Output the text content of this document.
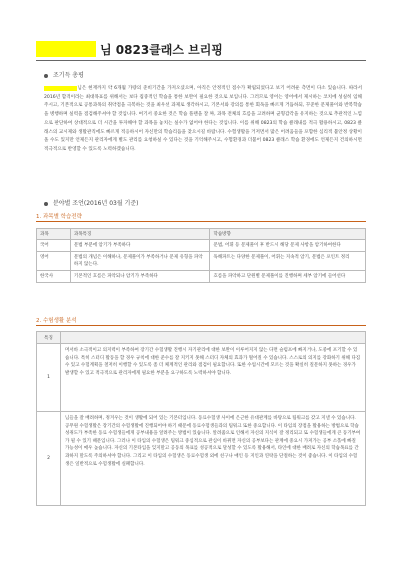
님 0823클래스 브리핑
조기득 총평
■■■■■■■님은 현재까지 약 6개월 가량의 준비기간을 가져오셨으며, 아직은 안정적인 점수가 확립되었다고 보기 어려운 측면이 다소 있습니다. 따라서 2016년 합격이라는 최대목표를 위해서는 보다 집중적인 학습을 통한 보완이 필요한 것으로 보입니다. 그러므로 영어는 영어에서 제시하는 코치에 성실히 임해주시고, 기본적으로 공통과목의 취약점을 극복하는 것을 최우선 과제로 생각하시고, 기본서와 강의를 통한 회독을 빠르게 거듭하되, 꾸준한 문제풀이와 반복학습을 병행하며 실력을 점검해주셔야 할 것입니다. 여기서 중요한 것은 학습 플랜을 잘 짜, 과목 전체의 흐름을 고려하며 균형감각을 유지하는 것으로 추관적인 느낌으로 판단하여 상대적으로 더 시간을 투자해야 할 과목을 놓치는 실수가 없어야 한다는 것입니다. 이를 위해 0823의 학습 클래내를 적극 활용하시고, 0823 클래스의 교시제와 생활관직에도 빠르게 적응하시어 자신만의 학습리듬을 찾으시길 바랍니다. 수험생활을 거저면서 많은 어려움들을 포함한 심리적 불안정 상황이 올 수도 있지만 언제든지 관리자에게 별도 관리를 요청하실 수 있다는 것을 기억해주시고, 수험환경과 더불어 0823 클래스 학습 환경에도 언제든지 건의하시면 적극적으로 반영할 수 있도록 노력하겠습니다.
분야별 조언(2016년 03월 기준)
1. 과목별 학습전략
과목	과목특징	학습방향
국어	문법 부분에 암기가 부족하다	문법, 어휘 등 문제풀이 후 반드시 해당 문제 사항을 암기하여한다
영어	문법의 개념은 이해하나, 문제풀이가 부족하거나 문제 유형을 파악하지 않는다.	독해파트는 다양한 문제풀이, 어휘는 지속적 암기, 문법은 포인트 정리
한국사	기본적인 흐름은 파악되나 암기가 부족하다	흐름을 파악하고 단원별 문제풀이를 진행하며 세부 암기에 들어선다
2. 수험생활 분석
특징	
1	머서바 소극적이고 의지력이 부족하여 장기간 수험생활 진행시 자기관리에 대한 보완이 이루어지지 않는 다면 슬럼프에 빠지거나, 도중에 포기할 수 있습니다. 특히 스터디 활동을 할 경우 규칙에 대한 준수를 잘 지키지 못해 스터디 자체의 효과가 떨어질 수 있습니다. 스스로의 의지를 강화하기 위해 다짐 수 있고 수험계획을 철저히 이행할 수 있도록 좀 더 체계적인 관리와 점검이 필요합니다. 또한 수업시간에 모르는 것을 확실히 질문하지 못하는 경우가 발생할 수 있고 적극적으로 관리자에게 필요한 부분을 요구하도록 노력하셔야 합니다.
2	님들을 잘 배려하며, 정겨우는 것이 생활에 되어 있는 기본터입니다. 동료수험생 사이에 은근한 유대관계를 바탕으로 팀워크를 갖고 지낼 수 있습니다. 공무원 수험생활은 장기간의 수험생활에 진행되어야 하기 때문에 동료수험생들과의 팀워크 또한 중요합니다. 이 타임의 장점을 활용하는 방법으로 학습성취도가 부족한 동료 수험생들에게 공부내용을 알려주는 방법이 있습니다. 알려줌으로 인해서 자신의 지식이 잘 정리되고 또 수험생들에게 큰 동기부여가 될 수 있기 때문입니다. 그러나 이 타입의 수험생은 팀워크 중심적으로 관심이 바뀌면 자신의 공부보다는 관계에 중요시 가져가는 공부 소홀에 빠질 가능성이 매우 높습니다. 자신의 기본타입을 잊지말고 공동의 목표를 성공적으로 달성할 수 있도록 활용해서, 타인에 대한 배려로 자신의 학습목표를 간과하지 말도록 주의하셔야 합니다. 그리고 이 타입의 수험생은 동료수험생 외에 친구나 애인 등 지인과 연락을 단절하는 것이 좋습니다. 이 타입의 수험생은 일반적으로 수험생활에 실패합니다.
